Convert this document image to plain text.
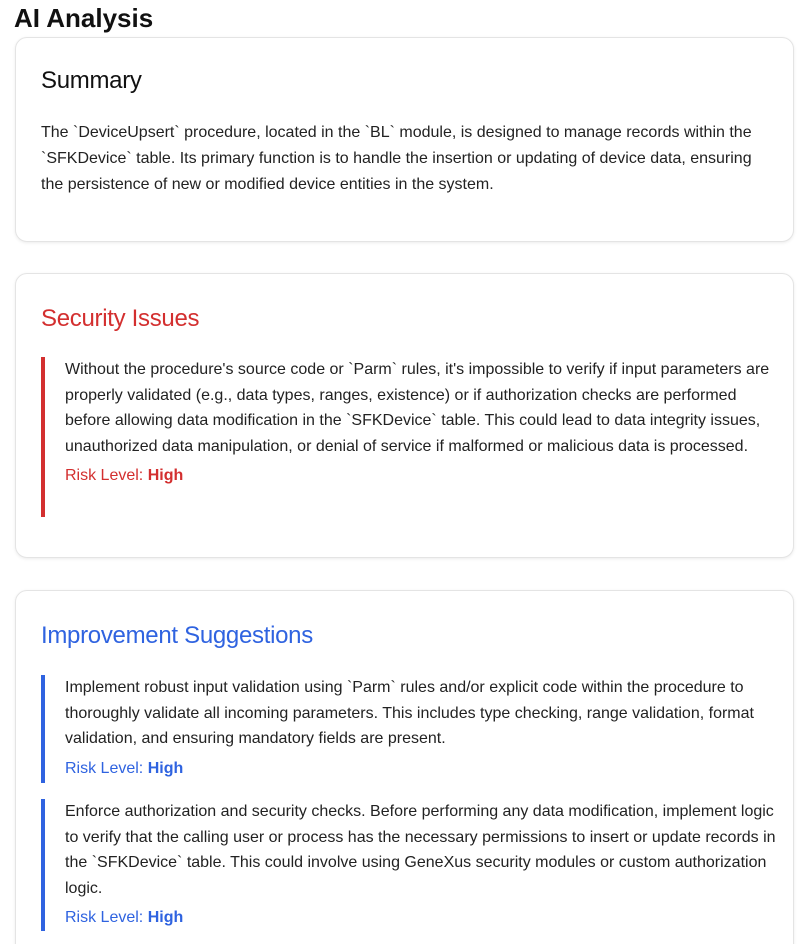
AI Analysis
Summary

The `DeviceUpsert` procedure, located in the `BL` module, is designed to manage records within the `SFKDevice` table. Its primary function is to handle the insertion or updating of device data, ensuring the persistence of new or modified device entities in the system.

Security Issues

Without the procedure's source code or `Parm` rules, it's impossible to verify if input parameters are properly validated (e.g., data types, ranges, existence) or if authorization checks are performed before allowing data modification in the `SFKDevice` table. This could lead to data integrity issues, unauthorized data manipulation, or denial of service if malformed or malicious data is processed.

Risk Level: High

Improvement Suggestions

Implement robust input validation using `Parm` rules and/or explicit code within the procedure to thoroughly validate all incoming parameters. This includes type checking, range validation, format validation, and ensuring mandatory fields are present.

Risk Level: High

Enforce authorization and security checks. Before performing any data modification, implement logic to verify that the calling user or process has the necessary permissions to insert or update records in the `SFKDevice` table. This could involve using GeneXus security modules or custom authorization logic.

Risk Level: High
